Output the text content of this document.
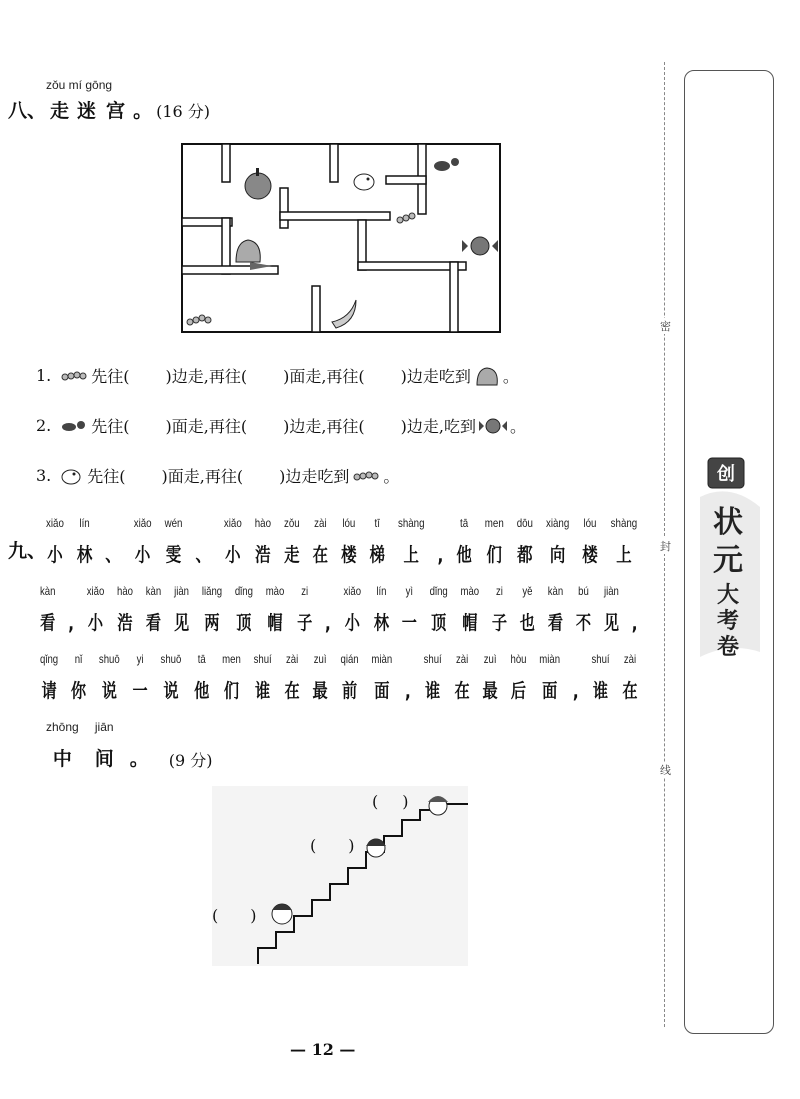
密
封
线
创
状
元
大
考
卷
zǒu mí gōng
八、 走 迷 宫 。 (16 分)
1.	先往( )边走,再往( )面走,再往( )边走吃到 。
2.	先往( )面走,再往( )边走,再往( )边走,吃到 。
3. 先往( )面走,再往( )边走吃到 。
九、
xiǎo
小
lín
林 、
xiǎo
小
wén
雯 、
xiǎo
小
hào
浩
zǒu
走
zài
在
lóu
楼
tī
梯
shàng
上 ,
tā
他
men
们
dōu
都
xiàng
向
lóu
楼
shàng
上
kàn
看 ,
xiǎo
小
hào
浩
kàn
看
jiàn
见
liǎng
两
dǐng
顶
mào
帽
zi
子 ,
xiǎo
小
lín
林
yì
一
dǐng
顶
mào
帽
zi
子
yě
也
kàn
看
bú
不
jiàn
见 ,
qǐng
请
nǐ
你
shuō
说
yi
一
shuō
说
tā
他
men
们
shuí
谁
zài
在
zuì
最
qián
前
miàn
面 ,
shuí
谁
zài
在
zuì
最
hòu
后
miàn
面 ,
shuí
谁
zài
在
zhōng
中
jiān
间 。 (9 分)
( )
( )
( )
— 12 —
